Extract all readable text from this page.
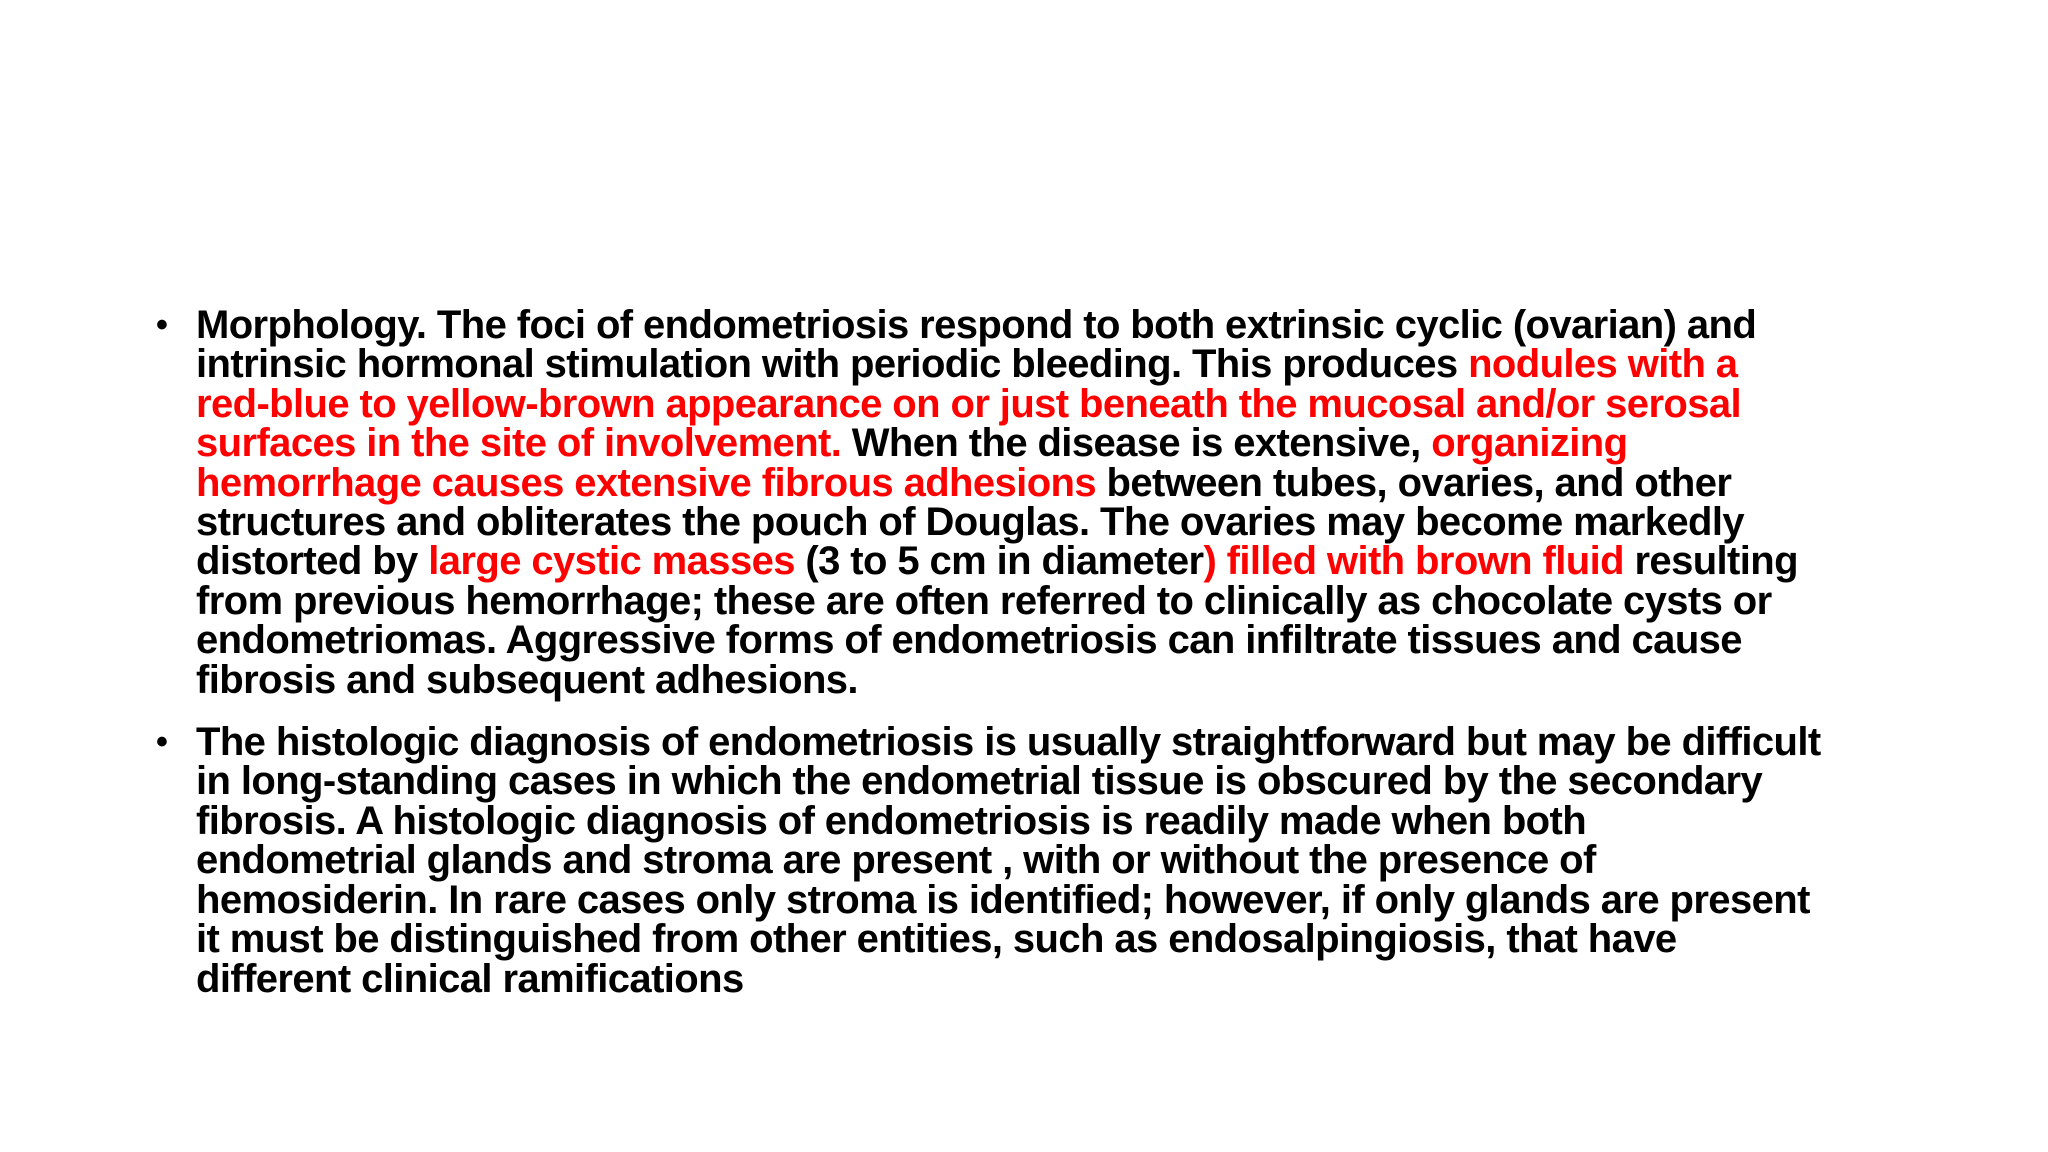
• Morphology. The foci of endometriosis respond to both extrinsic cyclic (ovarian) and
intrinsic hormonal stimulation with periodic bleeding. This produces nodules with a
red-blue to yellow-brown appearance on or just beneath the mucosal and/or serosal
surfaces in the site of involvement. When the disease is extensive, organizing
hemorrhage causes extensive fibrous adhesions between tubes, ovaries, and other
structures and obliterates the pouch of Douglas. The ovaries may become markedly
distorted by large cystic masses (3 to 5 cm in diameter) filled with brown fluid resulting
from previous hemorrhage; these are often referred to clinically as chocolate cysts or
endometriomas. Aggressive forms of endometriosis can infiltrate tissues and cause
fibrosis and subsequent adhesions.
• The histologic diagnosis of endometriosis is usually straightforward but may be difficult
in long-standing cases in which the endometrial tissue is obscured by the secondary
fibrosis. A histologic diagnosis of endometriosis is readily made when both
endometrial glands and stroma are present , with or without the presence of
hemosiderin. In rare cases only stroma is identified; however, if only glands are present
it must be distinguished from other entities, such as endosalpingiosis, that have
different clinical ramifications
